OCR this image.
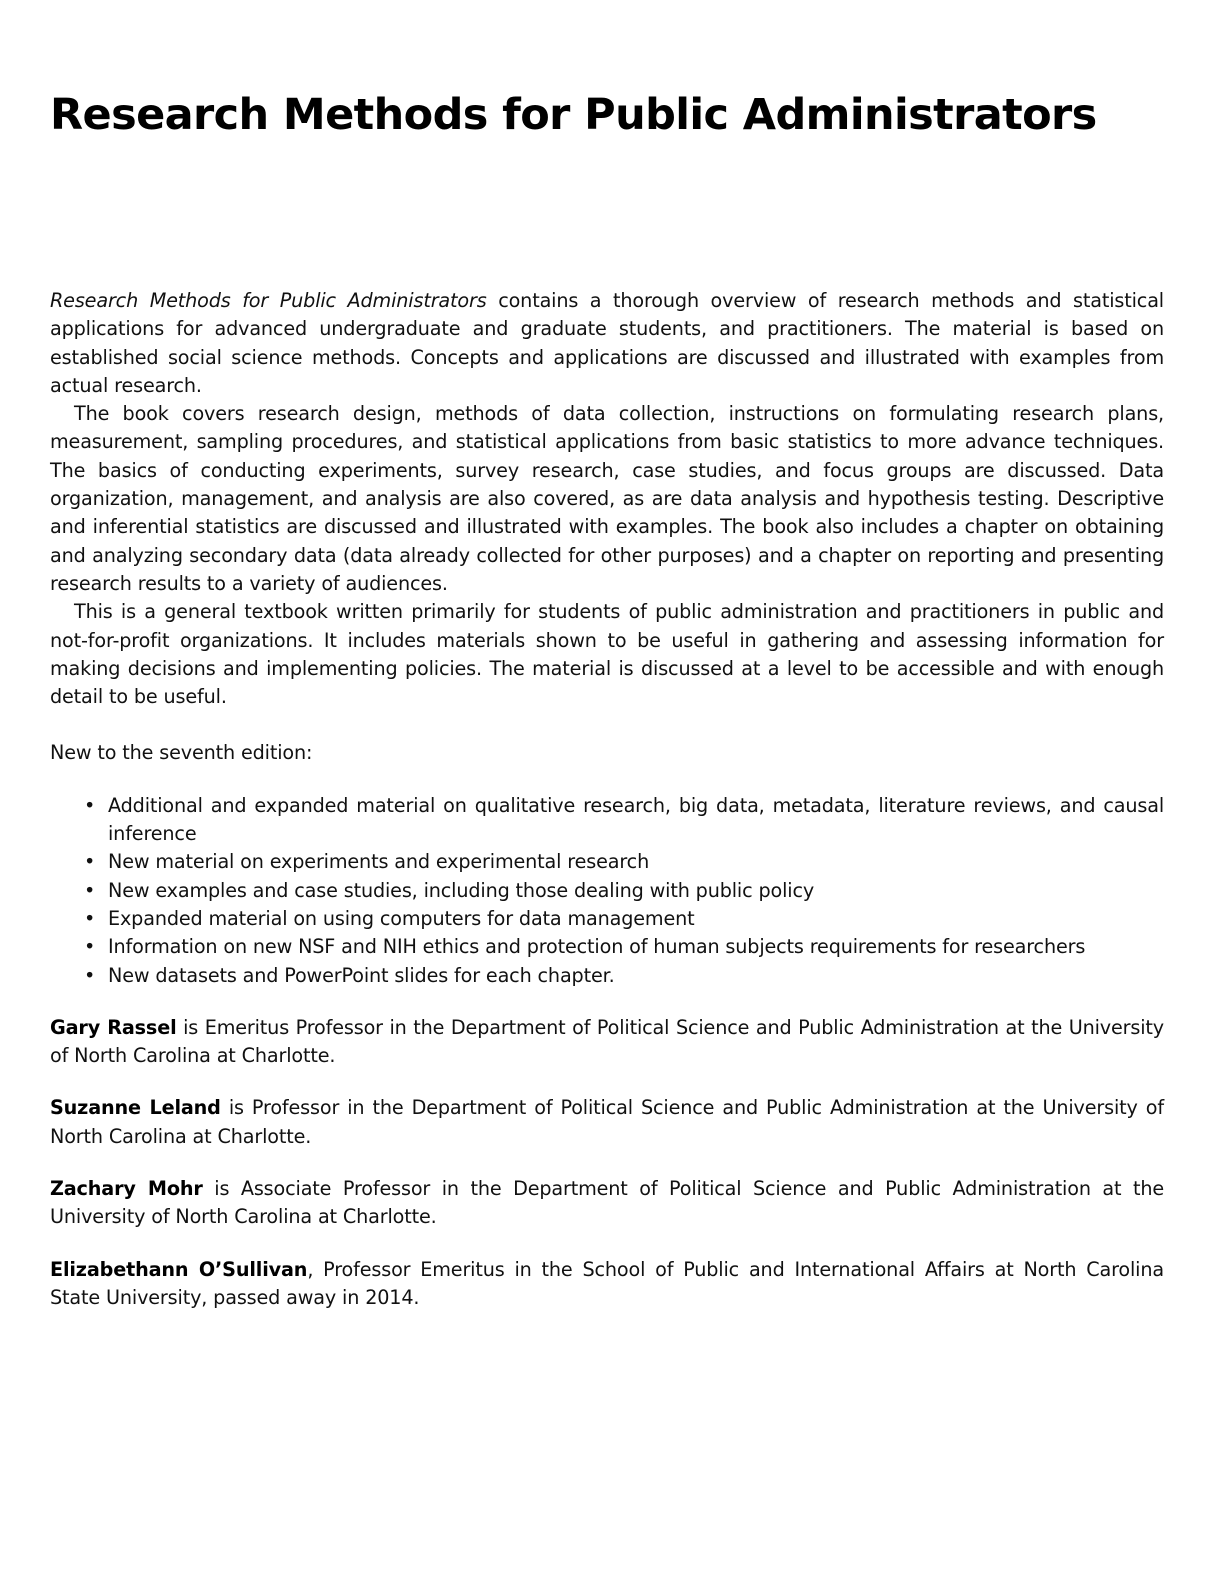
Research Methods for Public Administrators

Research Methods for Public Administrators contains a thorough overview of research methods and statistical applications for advanced undergraduate and graduate students, and practitioners. The material is based on established social science methods. Concepts and applications are discussed and illustrated with examples from actual research.

The book covers research design, methods of data collection, instructions on formulating research plans, measurement, sampling procedures, and statistical applications from basic statistics to more advance techniques. The basics of conducting experiments, survey research, case studies, and focus groups are discussed. Data organization, management, and analysis are also covered, as are data analysis and hypothesis testing. Descriptive and inferential statistics are discussed and illustrated with examples. The book also includes a chapter on obtaining and analyzing secondary data (data already collected for other purposes) and a chapter on reporting and presenting research results to a variety of audiences.

This is a general textbook written primarily for students of public administration and practitioners in public and not-for-profit organizations. It includes materials shown to be useful in gathering and assessing information for making decisions and implementing policies. The material is discussed at a level to be accessible and with enough detail to be useful.

New to the seventh edition:

• Additional and expanded material on qualitative research, big data, metadata, literature reviews, and causal inference
• New material on experiments and experimental research
• New examples and case studies, including those dealing with public policy
• Expanded material on using computers for data management
• Information on new NSF and NIH ethics and protection of human subjects requirements for researchers
• New datasets and PowerPoint slides for each chapter.

Gary Rassel is Emeritus Professor in the Department of Political Science and Public Administration at the University of North Carolina at Charlotte.

Suzanne Leland is Professor in the Department of Political Science and Public Administration at the University of North Carolina at Charlotte.

Zachary Mohr is Associate Professor in the Department of Political Science and Public Administration at the University of North Carolina at Charlotte.

Elizabethann O’Sullivan, Professor Emeritus in the School of Public and International Affairs at North Carolina State University, passed away in 2014.
